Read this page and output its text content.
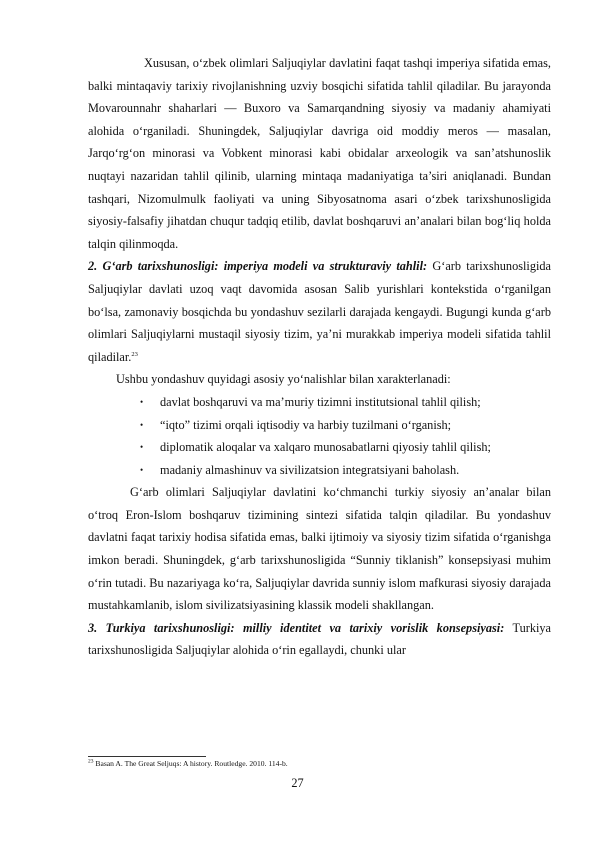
Xususan, o‘zbek olimlari Saljuqiylar davlatini faqat tashqi imperiya sifatida emas, balki mintaqaviy tarixiy rivojlanishning uzviy bosqichi sifatida tahlil qiladilar. Bu jarayonda Movarounnahr shaharlari — Buxoro va Samarqandning siyosiy va madaniy ahamiyati alohida o‘rganiladi. Shuningdek, Saljuqiylar davriga oid moddiy meros — masalan, Jarqo‘rg‘on minorasi va Vobkent minorasi kabi obidalar arxeologik va san’atshunoslik nuqtayi nazaridan tahlil qilinib, ularning mintaqa madaniyatiga ta’siri aniqlanadi. Bundan tashqari, Nizomulmulk faoliyati va uning Sibyosatnoma asari o‘zbek tarixshunosligida siyosiy-falsafiy jihatdan chuqur tadqiq etilib, davlat boshqaruvi an’analari bilan bog‘liq holda talqin qilinmoqda.

2. G‘arb tarixshunosligi: imperiya modeli va strukturaviy tahlil: G‘arb tarixshunosligida Saljuqiylar davlati uzoq vaqt davomida asosan Salib yurishlari kontekstida o‘rganilgan bo‘lsa, zamonaviy bosqichda bu yondashuv sezilarli darajada kengaydi. Bugungi kunda g‘arb olimlari Saljuqiylarni mustaqil siyosiy tizim, ya’ni murakkab imperiya modeli sifatida tahlil qiladilar.$^{23}$

Ushbu yondashuv quyidagi asosiy yo‘nalishlar bilan xarakterlanadi:

• davlat boshqaruvi va ma’muriy tizimni institutsional tahlil qilish;
• “iqto” tizimi orqali iqtisodiy va harbiy tuzilmani o‘rganish;
• diplomatik aloqalar va xalqaro munosabatlarni qiyosiy tahlil qilish;
• madaniy almashinuv va sivilizatsion integratsiyani baholash.

G‘arb olimlari Saljuqiylar davlatini ko‘chmanchi turkiy siyosiy an’analar bilan o‘troq Eron-Islom boshqaruv tizimining sintezi sifatida talqin qiladilar. Bu yondashuv davlatni faqat tarixiy hodisa sifatida emas, balki ijtimoiy va siyosiy tizim sifatida o‘rganishga imkon beradi. Shuningdek, g‘arb tarixshunosligida “Sunniy tiklanish” konsepsiyasi muhim o‘rin tutadi. Bu nazariyaga ko‘ra, Saljuqiylar davrida sunniy islom mafkurasi siyosiy darajada mustahkamlanib, islom sivilizatsiyasining klassik modeli shakllangan.

3. Turkiya tarixshunosligi: milliy identitet va tarixiy vorislik konsepsiyasi: Turkiya tarixshunosligida Saljuqiylar alohida o‘rin egallaydi, chunki ular

$^{23}$ Basan A. The Great Seljuqs: A history. Routledge. 2010. 114-b.
27
